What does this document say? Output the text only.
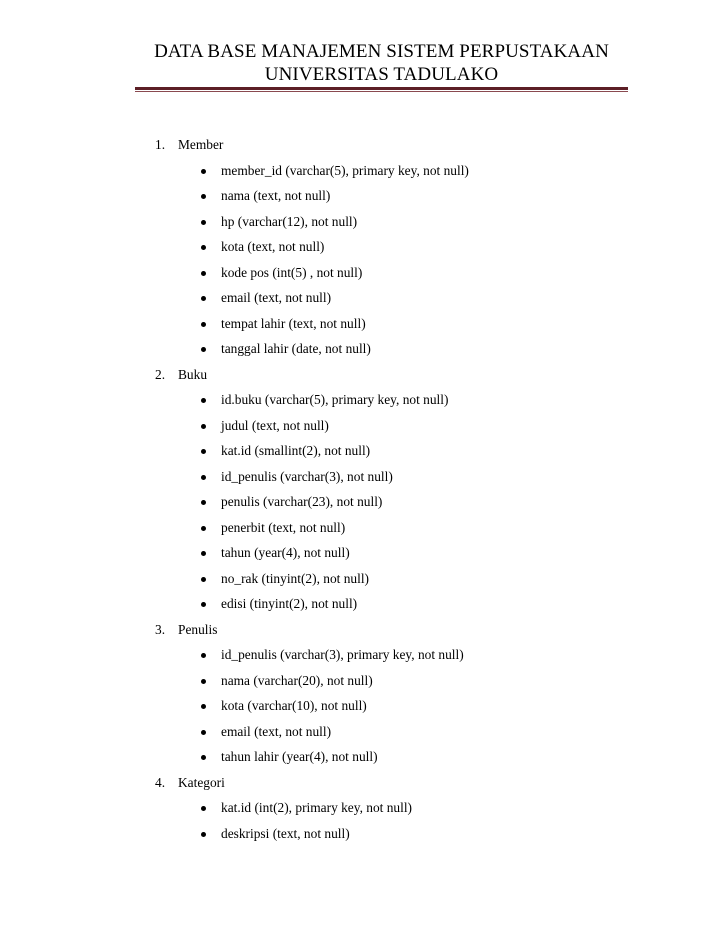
DATA BASE MANAJEMEN SISTEM PERPUSTAKAAN
UNIVERSITAS TADULAKO
1. Member
member_id (varchar(5), primary key, not null)
nama (text, not null)
hp (varchar(12), not null)
kota (text, not null)
kode pos (int(5) , not null)
email (text, not null)
tempat lahir (text, not null)
tanggal lahir (date, not null)
2. Buku
id.buku (varchar(5), primary key, not null)
judul (text, not null)
kat.id (smallint(2), not null)
id_penulis (varchar(3), not null)
penulis (varchar(23), not null)
penerbit (text, not null)
tahun (year(4), not null)
no_rak (tinyint(2), not null)
edisi (tinyint(2), not null)
3. Penulis
id_penulis (varchar(3), primary key, not null)
nama (varchar(20), not null)
kota (varchar(10), not null)
email (text, not null)
tahun lahir (year(4), not null)
4. Kategori
kat.id (int(2), primary key, not null)
deskripsi (text, not null)
